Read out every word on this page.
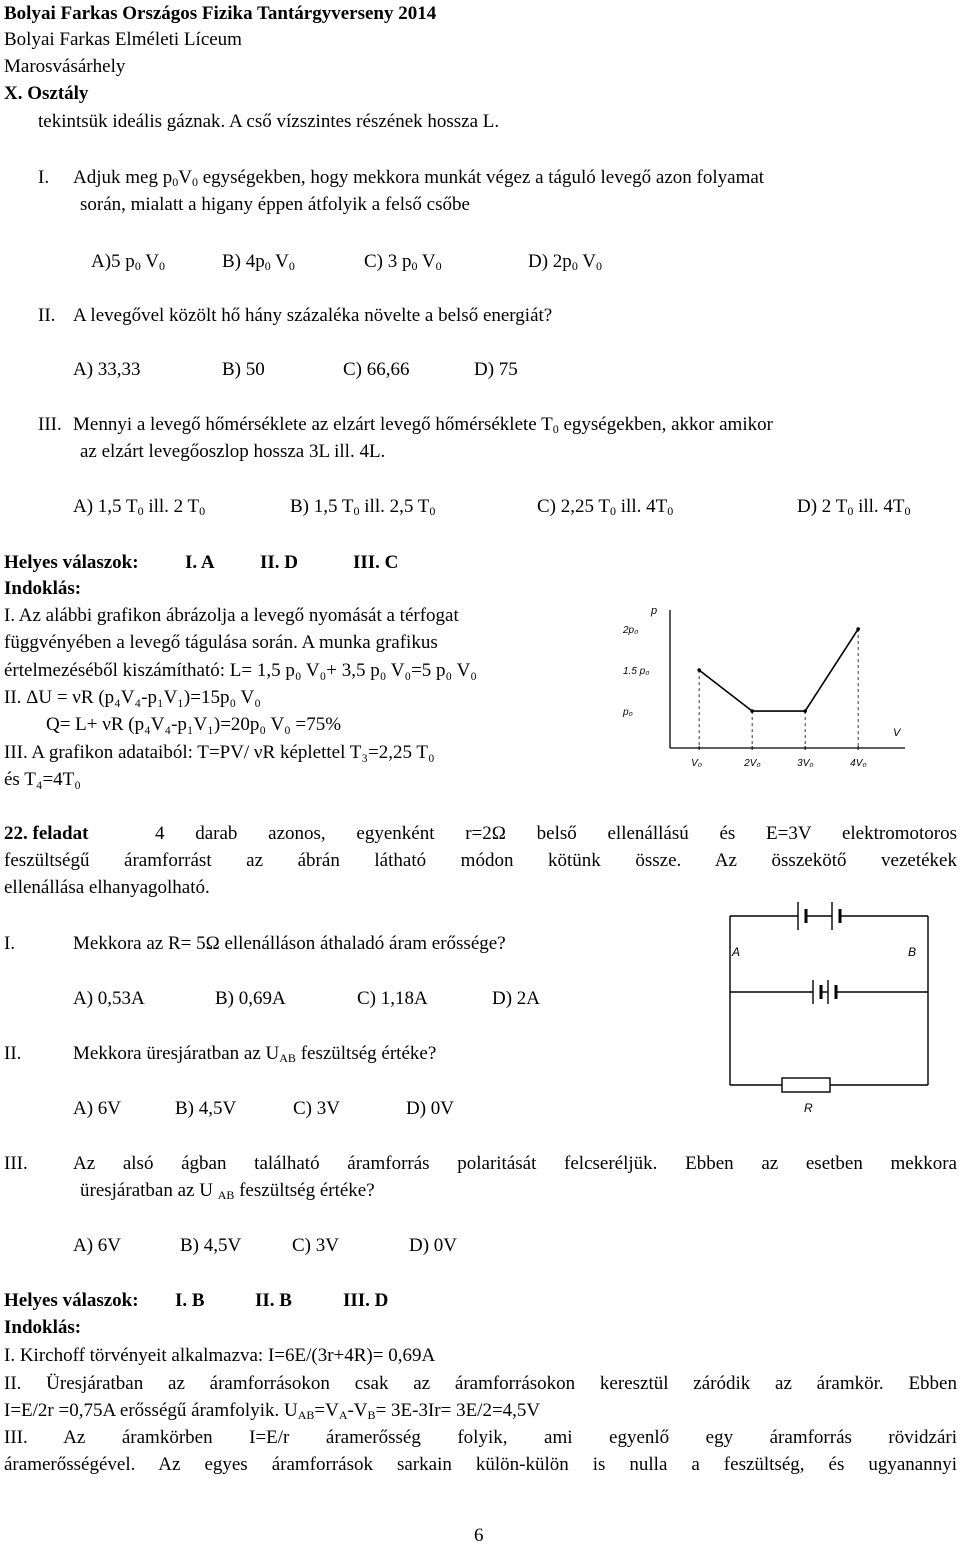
Bolyai Farkas Országos Fizika Tantárgyverseny 2014
Bolyai Farkas Elméleti Líceum
Marosvásárhely
X. Osztály
tekintsük ideális gáznak. A cső vízszintes részének hossza L.
I. Adjuk meg $p_0V_0$ egységekben, hogy mekkora munkát végez a táguló levegő azon folyamat
során, mialatt a higany éppen átfolyik a felső csőbe
A)5 $p_0$ $V_0$	B) $4p_0$ $V_0$	C) 3 $p_0$ $V_0$	D) $2p_0$ $V_0$
II. A levegővel közölt hő hány százaléka növelte a belső energiát?
A) 33,33	B) 50	C) 66,66	D) 75
III. Mennyi a levegő hőmérséklete az elzárt levegő hőmérséklete $T_0$ egységekben, akkor amikor
az elzárt levegőoszlop hossza 3L ill. 4L.
A) 1,5 $T_0$ ill. 2 $T_0$	B) 1,5 $T_0$ ill. 2,5 $T_0$	C) 2,25 $T_0$ ill. $4T_0$	D) 2 $T_0$ ill. $4T_0$
Helyes válaszok: I. A II. D	III. C
Indoklás:
I. Az alábbi grafikon ábrázolja a levegő nyomását a térfogat
függvényében a levegő tágulása során. A munka grafikus
értelmezéséből kiszámítható: L= 1,5 p₀ V₀+ 3,5 p₀ V₀=5 p₀ V₀
II. ΔU = νR (p₄V₄-p₁V₁)=15p₀ V₀
Q= L+ νR (p₄V₄-p₁V₁)=20p₀ V₀ =75%
III. A grafikon adataiból: T=PV/ νR képlettel T₃=2,25 T₀
és T₄=4T₀
p
V
2p₀
1.5 p₀
p₀
V₀	2V₀	3V₀	4V₀
22. feladat	4 darab azonos, egyenként r=2Ω belső ellenállású és E=3V elektromotoros
feszültségű áramforrást az ábrán látható módon kötünk össze. Az összekötő vezetékek
ellenállása elhanyagolható.
I.	Mekkora az R= 5Ω ellenálláson áthaladó áram erőssége?
A) 0,53A	B) 0,69A	C) 1,18A	D) 2A
II.	Mekkora üresjáratban az $U_{AB}$ feszültség értéke?
A) 6V	B) 4,5V	C) 3V	D) 0V
III. Az alsó ágban található áramforrás polaritását felcseréljük. Ebben az esetben mekkora
üresjáratban az U $_{AB}$ feszültség értéke?
A) 6V	B) 4,5V	C) 3V	D) 0V
Helyes válaszok: I. B	II. B	III. D
Indoklás:
I. Kirchoff törvényeit alkalmazva: I=6E/(3r+4R)= 0,69A
II. Üresjáratban az áramforrásokon csak az áramforrásokon keresztül záródik az áramkör. Ebben
I=E/2r =0,75A erősségű áramfolyik. $U_{AB}=V_A-V_B= 3E-3Ir= 3E/2=4,5V$
III. Az áramkörben I=E/r áramerősség folyik, ami egyenlő egy áramforrás rövidzári
áramerősségével. Az egyes áramforrások sarkain külön-külön is nulla a feszültség, és ugyanannyi
A	B
R
6
